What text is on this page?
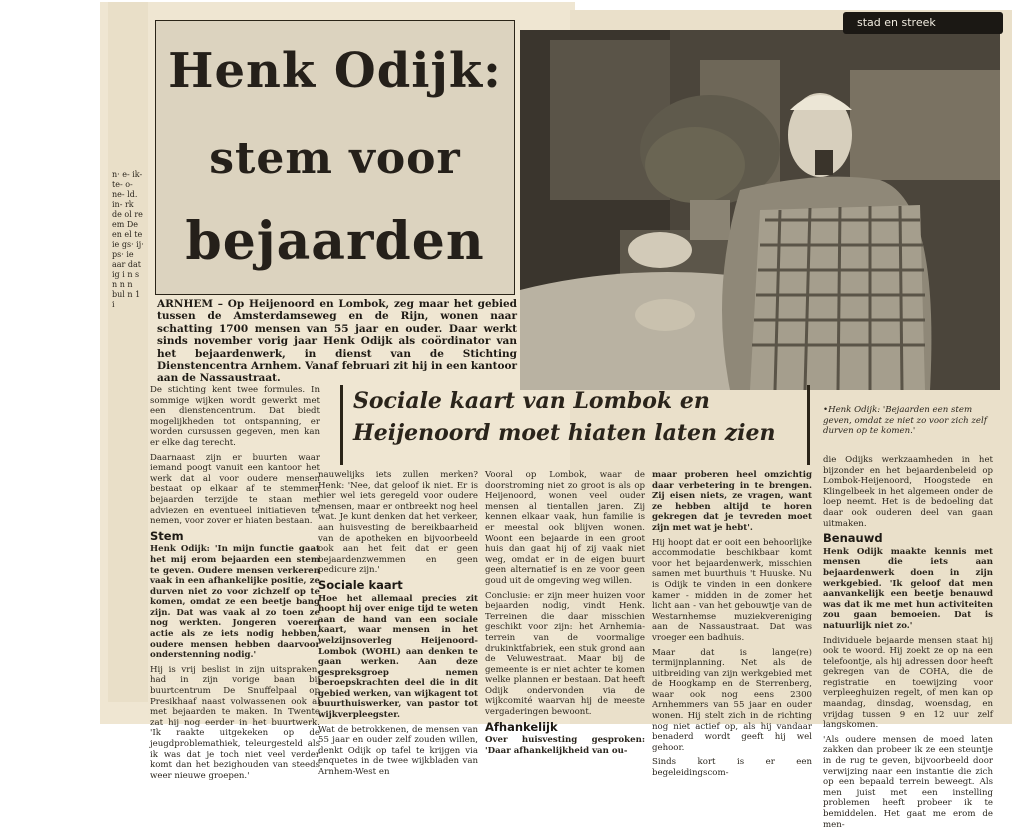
n· e- ik- te- o- ne- ld. in- rk de ol re em De en el te ie gs· ij· ps· ie aar dat ig i n s n n n bul n 1 i
Henk Odijk:
stem voor
bejaarden
stad en streek
ARNHEM – Op Heijenoord en Lombok, zeg maar het gebied tussen de Amsterdamseweg en de Rijn, wonen naar schatting 1700 mensen van 55 jaar en ouder. Daar werkt sinds november vorig jaar Henk Odijk als coördinator van het bejaardenwerk, in dienst van de Stichting Dienstencentra Arnhem. Vanaf februari zit hij in een kantoor aan de Nassaustraat.
Sociale kaart van Lombok en
Heijenoord moet hiaten laten zien
•Henk Odijk: 'Bejaarden een stem geven, omdat ze niet zo voor zich zelf durven op te komen.'

De stichting kent twee formules. In sommige wijken wordt gewerkt met een dienstencentrum. Dat biedt mogelijkheden tot ontspanning, er worden cursussen gegeven, men kan er elke dag terecht.

Daarnaast zijn er buurten waar iemand poogt vanuit een kantoor het werk dat al voor oudere mensen bestaat op elkaar af te stemmen bejaarden terzijde te staan met adviezen en eventueel initiatieven te nemen, voor zover er hiaten bestaan.

Stem

Henk Odijk: 'In mijn functie gaat het mij erom bejaarden een stem te geven. Oudere mensen verkeren vaak in een afhankelijke positie, ze durven niet zo voor zichzelf op te komen, omdat ze een beetje bang zijn. Dat was vaak al zo toen ze nog werkten. Jongeren voeren actie als ze iets nodig hebben, oudere mensen hebben daarvoor onderstenning nodig.'

Hij is vrij beslist in zijn uitspraken, had in zijn vorige baan bij buurtcentrum De Snuffelpaal op Presikhaaf naast volwassenen ook al met bejaarden te maken. In Twente zat hij nog eerder in het buurtwerk. 'Ik raakte uitgekeken op de jeugdproblemathiek, teleurgesteld als ik was dat je toch niet veel verder komt dan het bezighouden van steeds weer nieuwe groepen.'

nauwelijks iets zullen merken? Henk: 'Nee, dat geloof ik niet. Er is hier wel iets geregeld voor oudere mensen, maar er ontbreekt nog heel wat. Je kunt denken dat het verkeer, aan huisvesting de bereikbaarheid van de apotheken en bijvoorbeeld ook aan het feit dat er geen bejaardenzwemmen en geen pedicure zijn.'

Sociale kaart

Hoe het allemaal precies zit hoopt hij over enige tijd te weten aan de hand van een sociale kaart, waar mensen in het welzijnsoverleg Heijenoord-Lombok (WOHL) aan denken te gaan werken. Aan deze gespreksgroep nemen beroepskrachten deel die in dit gebied werken, van wijkagent tot buurthuiswerker, van pastor tot wijkverpleegster.

Wat de betrokkenen, de mensen van 55 jaar en ouder zelf zouden willen, denkt Odijk op tafel te krijgen via enquetes in de twee wijkbladen van Arnhem-West en

Vooral op Lombok, waar de doorstroming niet zo groot is als op Heijenoord, wonen veel ouder mensen al tientallen jaren. Zij kennen elkaar vaak, hun familie is er meestal ook blijven wonen. Woont een bejaarde in een groot huis dan gaat hij of zij vaak niet weg, omdat er in de eigen buurt geen alternatief is en ze voor geen goud uit de omgeving weg willen.

Conclusie: er zijn meer huizen voor bejaarden nodig, vindt Henk. Terreinen die daar misschien geschikt voor zijn: het Arnhemia-terrein van de voormalige drukinktfabriek, een stuk grond aan de Veluwestraat. Maar bij de gemeente is er niet achter te komen welke plannen er bestaan. Dat heeft Odijk ondervonden via de wijkcomité waarvan hij de meeste vergaderingen bewoont.

Afhankelijk

Over huisvesting gesproken: 'Daar afhankelijkheid van ou-

maar proberen heel omzichtig daar verbetering in te brengen. Zij eisen niets, ze vragen, want ze hebben altijd te horen gekregen dat je tevreden moet zijn met wat je hebt'.

Hij hoopt dat er ooit een behoorlijke accommodatie beschikbaar komt voor het bejaardenwerk, misschien samen met buurthuis 't Huuske. Nu is Odijk te vinden in een donkere kamer - midden in de zomer het licht aan - van het gebouwtje van de Westarnhemse muziekvereniging aan de Nassaustraat. Dat was vroeger een badhuis.

Maar dat is lange(re) termijnplanning. Net als de uitbreiding van zijn werkgebied met de Hoogkamp en de Sterrenberg, waar ook nog eens 2300 Arnhemmers van 55 jaar en ouder wonen. Hij stelt zich in de richting nog niet actief op, als hij vandaar benaderd wordt geeft hij wel gehoor.

Sinds kort is er een begeleidingscom-

die Odijks werkzaamheden in het bijzonder en het bejaardenbeleid op Lombok-Heijenoord, Hoogstede en Klingelbeek in het algemeen onder de loep neemt. Het is de bedoeling dat daar ook ouderen deel van gaan uitmaken.

Benauwd

Henk Odijk maakte kennis met mensen die iets aan bejaardenwerk doen in zijn werkgebied. 'Ik geloof dat men aanvankelijk een beetje benauwd was dat ik me met hun activiteiten zou gaan bemoeien. Dat is natuurlijk niet zo.'

Individuele bejaarde mensen staat hij ook te woord. Hij zoekt ze op na een telefoontje, als hij adressen door heeft gekregen van de COHA, die de registratie en toewijzing voor verpleeghuizen regelt, of men kan op maandag, dinsdag, woensdag, en vrijdag tussen 9 en 12 uur zelf langskomen.

'Als oudere mensen de moed laten zakken dan probeer ik ze een steuntje in de rug te geven, bijvoorbeeld door verwijzing naar een instantie die zich op een bepaald terrein beweegt. Als men juist met een instelling problemen heeft probeer ik te bemiddelen. Het gaat me erom de men-
